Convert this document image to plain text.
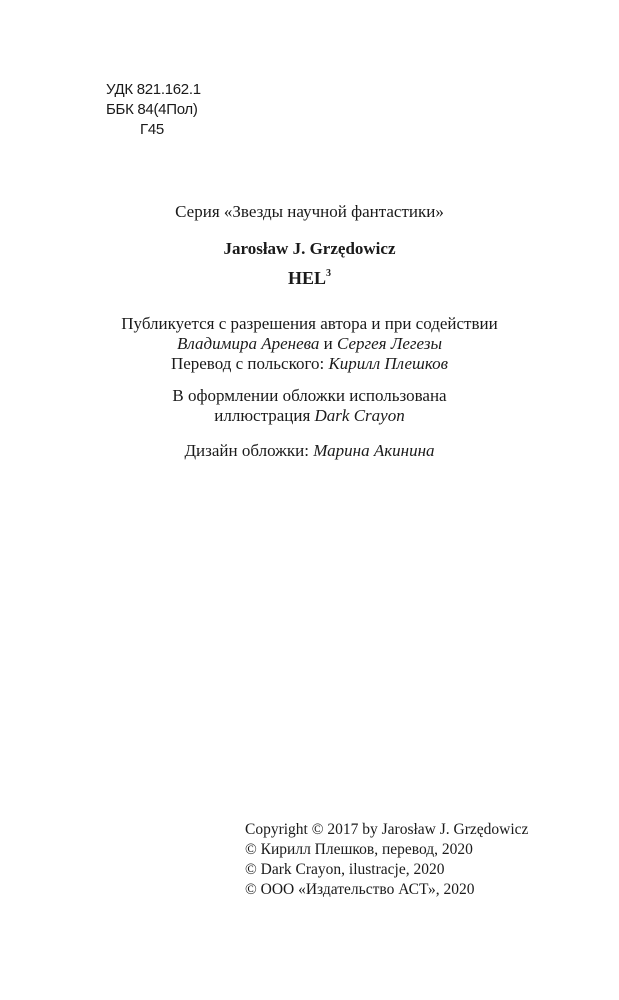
УДК 821.162.1
ББК 84(4Пол)
Г45
Серия «Звезды научной фантастики»
Jarosław J. Grzędowicz
HEL$^3$
Публикуется с разрешения автора и при содействии
Владимира Аренева и Сергея Легезы
Перевод с польского: Кирилл Плешков
В оформлении обложки использована
иллюстрация Dark Crayon
Дизайн обложки: Марина Акинина
Copyright © 2017 by Jarosław J. Grzędowicz
© Кирилл Плешков, перевод, 2020
© Dark Crayon, ilustracje, 2020
© ООО «Издательство АСТ», 2020
